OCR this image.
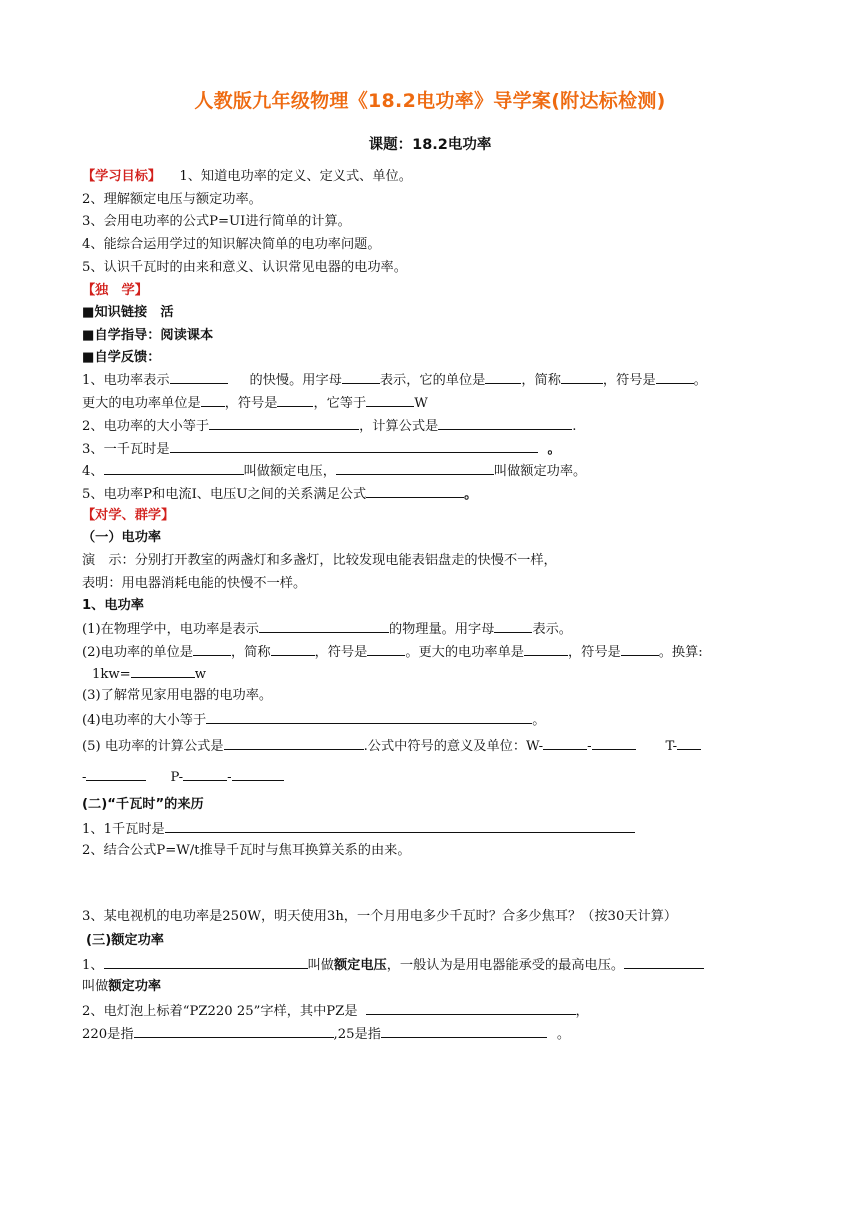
人教版九年级物理《18.2电功率》导学案(附达标检测)
课题：18.2电功率
【学习目标】 1、知道电功率的定义、定义式、单位。
2、理解额定电压与额定功率。
3、会用电功率的公式P=UI进行简单的计算。
4、能综合运用学过的知识解决简单的电功率问题。
5、认识千瓦时的由来和意义、认识常见电器的电功率。
【独　学】
■知识链接　活
■自学指导：阅读课本
■自学反馈：
1、电功率表示	的快慢。用字母	表示，它的单位是	，简称	，符号是	。
更大的电功率单位是 ，符号是	，它等于	W
2、电功率的大小等于	，计算公式是	.
3、一千瓦时是	。
4、	叫做额定电压，	叫做额定功率。
5、电功率P和电流I、电压U之间的关系满足公式	。
【对学、群学】
（一）电功率
演　示：分别打开教室的两盏灯和多盏灯，比较发现电能表铝盘走的快慢不一样，
表明：用电器消耗电能的快慢不一样。
1、电功率
(1)在物理学中，电功率是表示	的物理量。用字母	表示。
(2)电功率的单位是	，简称	，符号是	。更大的电功率单是	，符号是	。换算:
1kw=	w
(3)了解常见家用电器的电功率。
(4)电功率的大小等于	。
(5) 电功率的计算公式是	.公式中符号的意义及单位：W-	-	T-
-	P-	-
(二)“千瓦时”的来历
1、1千瓦时是
2、结合公式P=W/t推导千瓦时与焦耳换算关系的由来。
3、某电视机的电功率是250W，明天使用3h，一个月用电多少千瓦时？合多少焦耳？（按30天计算）
(三)额定功率
1、	叫做额定电压，一般认为是用电器能承受的最高电压。
叫做额定功率
2、电灯泡上标着“PZ220 25”字样，其中PZ是	，
220是指	,25是指	。
